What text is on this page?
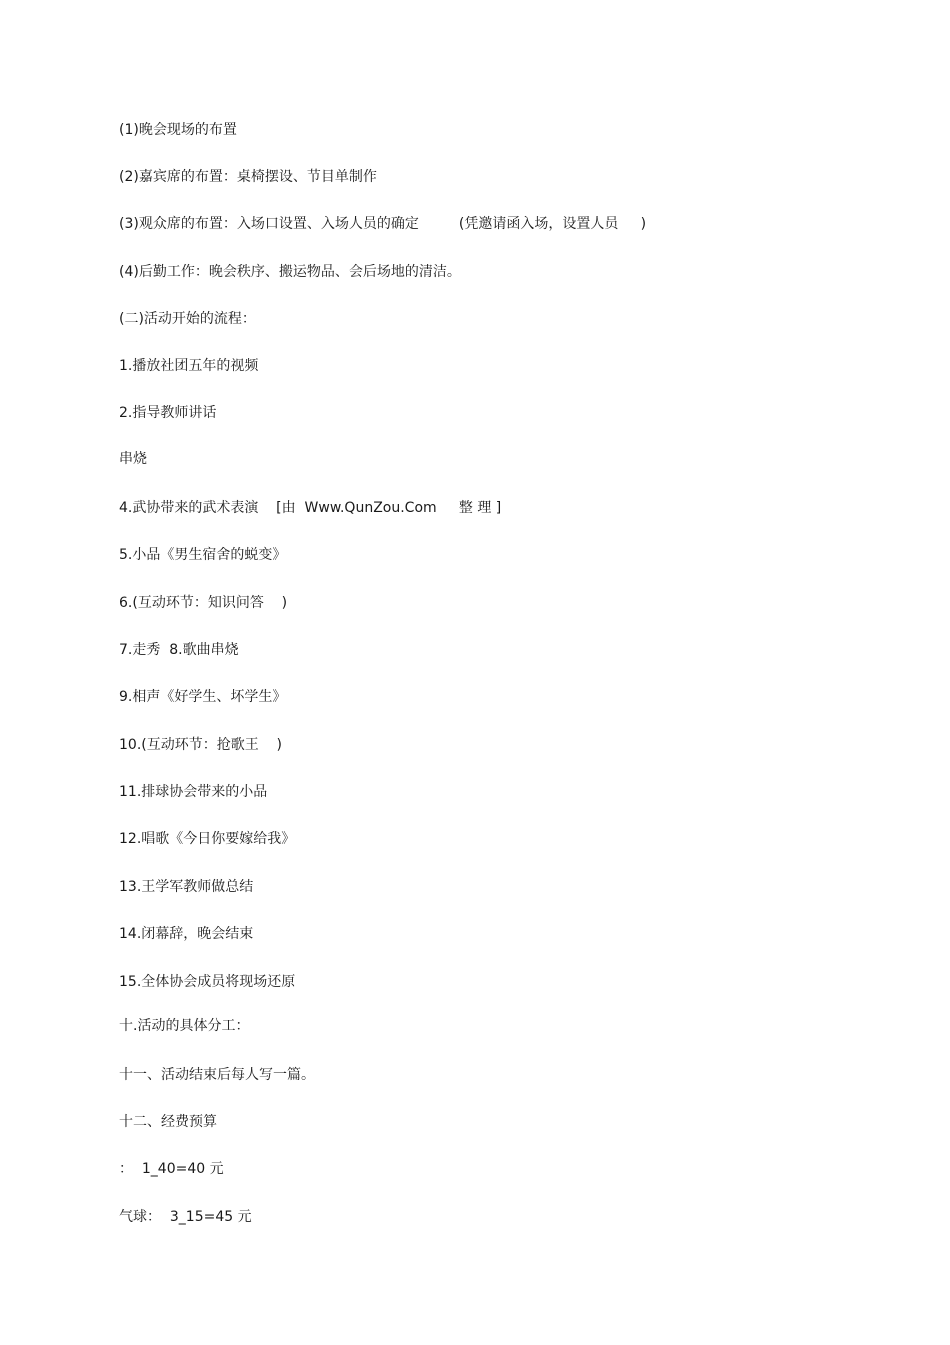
(1)晚会现场的布置
(2)嘉宾席的布置：桌椅摆设、节目单制作
(3)观众席的布置：入场口设置、入场人员的确定         (凭邀请函入场，设置人员     )
(4)后勤工作：晚会秩序、搬运物品、会后场地的清洁。
(二)活动开始的流程：
1.播放社团五年的视频
2.指导教师讲话
串烧
4.武协带来的武术表演    [由  Www.QunZou.Com     整 理 ]
5.小品《男生宿舍的蜕变》
6.(互动环节：知识问答    )
7.走秀  8.歌曲串烧
9.相声《好学生、坏学生》
10.(互动环节：抢歌王    )
11.排球协会带来的小品
12.唱歌《今日你要嫁给我》
13.王学军教师做总结
14.闭幕辞，晚会结束
15.全体协会成员将现场还原
十.活动的具体分工：
十一、活动结束后每人写一篇。
十二、经费预算
：  1_40=40 元
气球：  3_15=45 元
